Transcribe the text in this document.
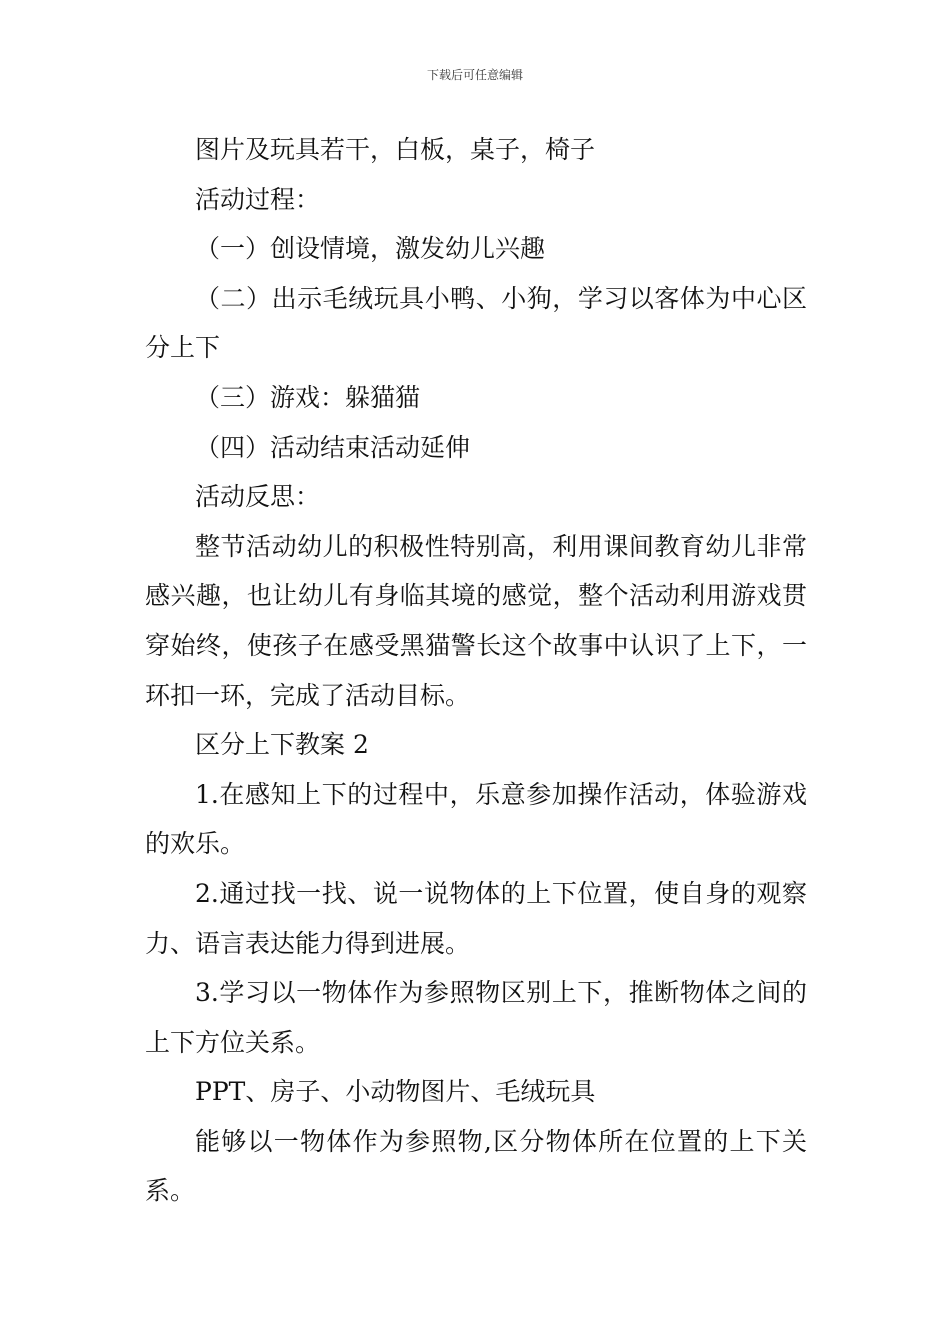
下载后可任意编辑

图片及玩具若干，白板，桌子，椅子

活动过程：

（一）创设情境，激发幼儿兴趣

（二）出示毛绒玩具小鸭、小狗，学习以客体为中心区分上下

（三）游戏：躲猫猫

（四）活动结束活动延伸

活动反思：

整节活动幼儿的积极性特别高，利用课间教育幼儿非常感兴趣，也让幼儿有身临其境的感觉，整个活动利用游戏贯穿始终，使孩子在感受黑猫警长这个故事中认识了上下，一环扣一环，完成了活动目标。

区分上下教案 2

1.在感知上下的过程中，乐意参加操作活动，体验游戏的欢乐。

2.通过找一找、说一说物体的上下位置，使自身的观察力、语言表达能力得到进展。

3.学习以一物体作为参照物区别上下，推断物体之间的上下方位关系。

PPT、房子、小动物图片、毛绒玩具

能够以一物体作为参照物,区分物体所在位置的上下关系。
